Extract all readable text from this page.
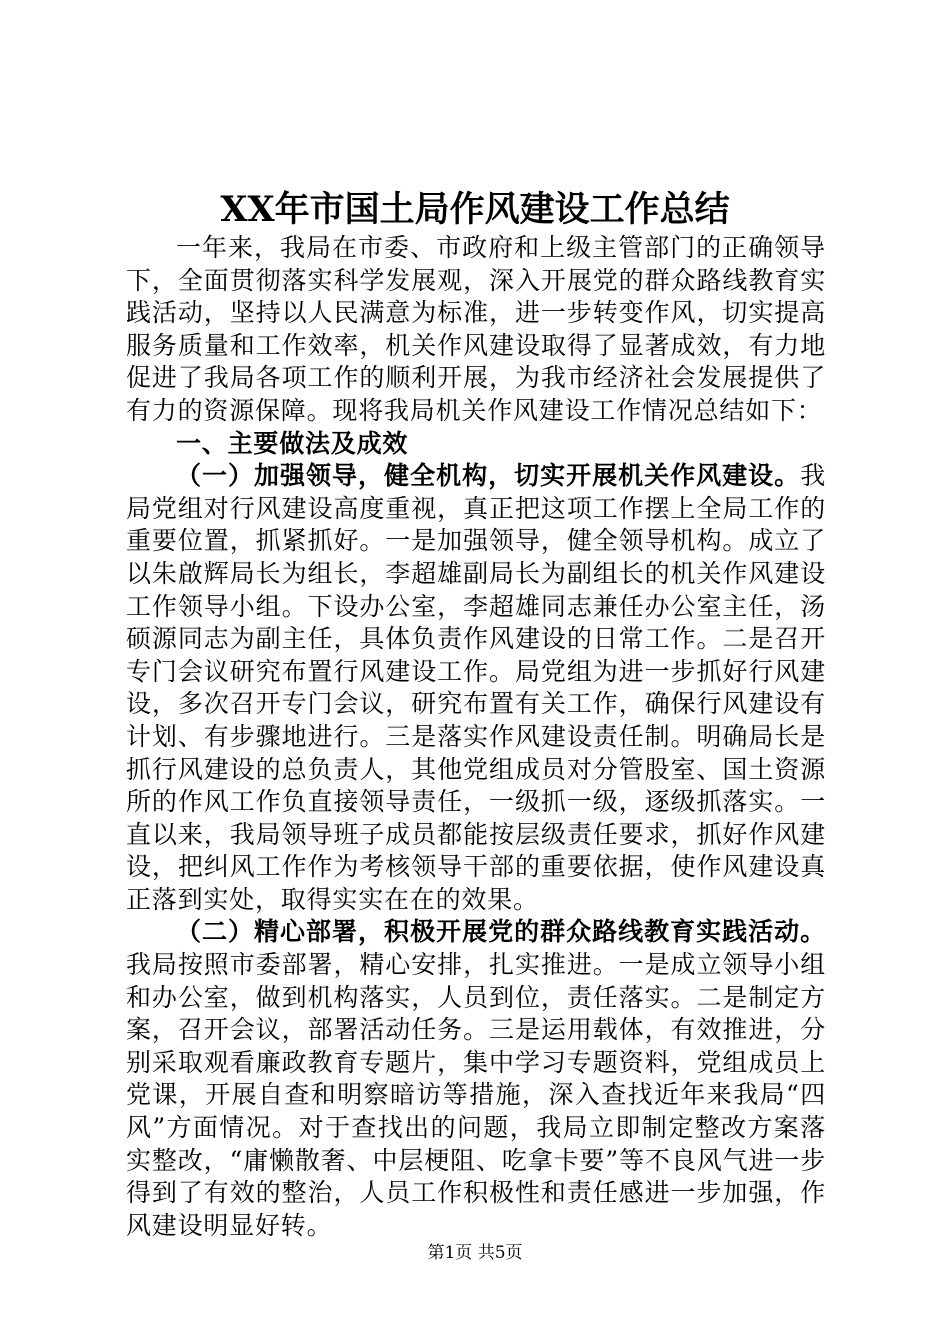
XX年市国土局作风建设工作总结

一年来，我局在市委、市政府和上级主管部门的正确领导下，全面贯彻落实科学发展观，深入开展党的群众路线教育实践活动，坚持以人民满意为标准，进一步转变作风，切实提高服务质量和工作效率，机关作风建设取得了显著成效，有力地促进了我局各项工作的顺利开展，为我市经济社会发展提供了有力的资源保障。现将我局机关作风建设工作情况总结如下：

一、主要做法及成效

（一）加强领导，健全机构，切实开展机关作风建设。我局党组对行风建设高度重视，真正把这项工作摆上全局工作的重要位置，抓紧抓好。一是加强领导，健全领导机构。成立了以朱啟辉局长为组长，李超雄副局长为副组长的机关作风建设工作领导小组。下设办公室，李超雄同志兼任办公室主任，汤硕源同志为副主任，具体负责作风建设的日常工作。二是召开专门会议研究布置行风建设工作。局党组为进一步抓好行风建设，多次召开专门会议，研究布置有关工作，确保行风建设有计划、有步骤地进行。三是落实作风建设责任制。明确局长是抓行风建设的总负责人，其他党组成员对分管股室、国土资源所的作风工作负直接领导责任，一级抓一级，逐级抓落实。一直以来，我局领导班子成员都能按层级责任要求，抓好作风建设，把纠风工作作为考核领导干部的重要依据，使作风建设真正落到实处，取得实实在在的效果。

（二）精心部署，积极开展党的群众路线教育实践活动。我局按照市委部署，精心安排，扎实推进。一是成立领导小组和办公室，做到机构落实，人员到位，责任落实。二是制定方案，召开会议，部署活动任务。三是运用载体，有效推进，分别采取观看廉政教育专题片，集中学习专题资料，党组成员上党课，开展自查和明察暗访等措施，深入查找近年来我局“四风”方面情况。对于查找出的问题，我局立即制定整改方案落实整改，“庸懒散奢、中层梗阻、吃拿卡要”等不良风气进一步得到了有效的整治，人员工作积极性和责任感进一步加强，作风建设明显好转。

第1页 共5页
